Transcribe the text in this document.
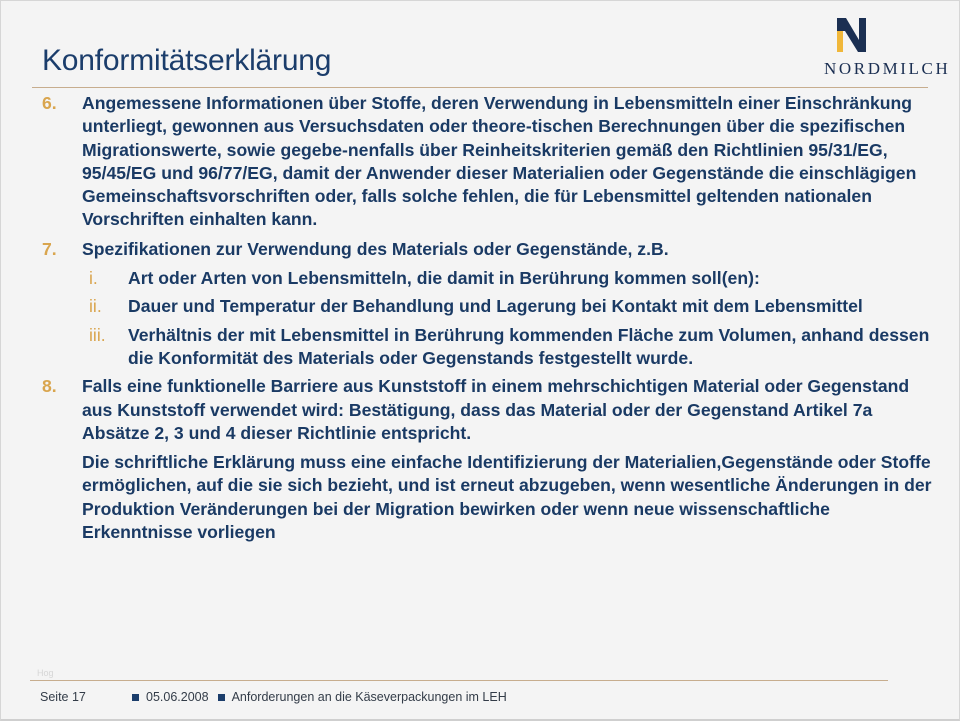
Konformitätserklärung	NORDMILCH
6. Angemessene Informationen über Stoffe, deren Verwendung in Lebensmitteln einer Einschränkung unterliegt, gewonnen aus Versuchsdaten oder theore-tischen Berechnungen über die spezifischen Migrationswerte, sowie gegebe-nenfalls über Reinheitskriterien gemäß den Richtlinien 95/31/EG, 95/45/EG und 96/77/EG, damit der Anwender dieser Materialien oder Gegenstände die einschlägigen Gemeinschaftsvorschriften oder, falls solche fehlen, die für Lebensmittel geltenden nationalen Vorschriften einhalten kann.
7. Spezifikationen zur Verwendung des Materials oder Gegenstände, z.B.
i. Art oder Arten von Lebensmitteln, die damit in Berührung kommen soll(en):
ii. Dauer und Temperatur der Behandlung und Lagerung bei Kontakt mit dem Lebensmittel
iii. Verhältnis der mit Lebensmittel in Berührung kommenden Fläche zum Volumen, anhand dessen die Konformität des Materials oder Gegenstands festgestellt wurde.
8. Falls eine funktionelle Barriere aus Kunststoff in einem mehrschichtigen Material oder Gegenstand aus Kunststoff verwendet wird: Bestätigung, dass das Material oder der Gegenstand Artikel 7a Absätze 2, 3 und 4 dieser Richtlinie entspricht.
Die schriftliche Erklärung muss eine einfache Identifizierung der Materialien,Gegenstände oder Stoffe ermöglichen, auf die sie sich bezieht, und ist erneut abzugeben, wenn wesentliche Änderungen in der Produktion Veränderungen bei der Migration bewirken oder wenn neue wissenschaftliche Erkenntnisse vorliegen
Hog
Seite 17	05.06.2008 Anforderungen an die Käseverpackungen im LEH
